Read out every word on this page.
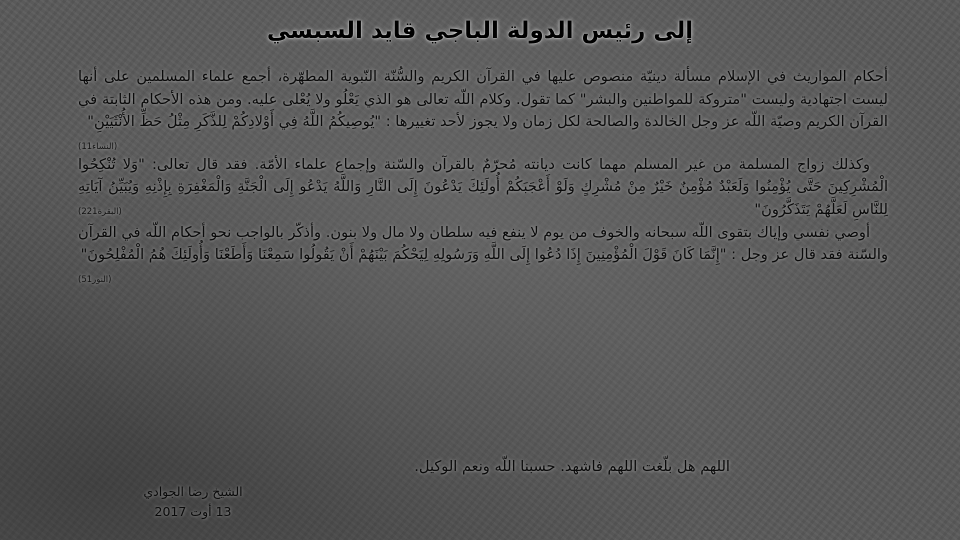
إلى رئيس الدولة الباجي قايد السبسي

أحكام المواريث في الإسلام مسألة دينيّة منصوص عليها في القرآن الكريم والسُّنّة النّبوية المطهّرة، أجمع علماء المسلمين على أنها ليست اجتهادية وليست "متروكة للمواطنين والبشر" كما تقول. وكلام اللّه تعالى هو الذي يَعْلُو ولا يُعْلى عليه. ومن هذه الأحكام الثابتة في القرآن الكريم وصيّة اللّه عز وجل الخالدة والصالحة لكل زمان ولا يجوز لأحد تغييرها : "يُوصِيكُمُ اللَّهُ فِي أَوْلادِكُمْ لِلذَّكَرِ مِثْلُ حَظِّ الأُنْثَيَيْنِ"
(النساء11)

وكذلك زواج المسلمة من غير المسلم مهما كانت ديانته مُحرّمٌ بالقرآن والسّنة وإجماع علماء الأمّة. فقد قال تعالى: "وَلا تُنْكِحُوا الْمُشْرِكِينَ حَتَّى يُؤْمِنُوا وَلَعَبْدٌ مُؤْمِنٌ خَيْرٌ مِنْ مُشْرِكٍ وَلَوْ أَعْجَبَكُمْ أُولَئِكَ يَدْعُونَ إِلَى النَّارِ وَاللَّهُ يَدْعُو إِلَى الْجَنَّةِ وَالْمَغْفِرَةِ بِإِذْنِهِ وَيُبَيِّنُ آيَاتِهِ لِلنَّاسِ لَعَلَّهُمْ يَتَذَكَّرُونَ"
(البقرة221)

أوصي نفسي وإياك بتقوى اللّه سبحانه والخوف من يوم لا ينفع فيه سلطان ولا مال ولا بنون. وأذكّر بالواجب نحو أحكام اللّه في القرآن والسّنة فقد قال عز وجل : "إِنَّمَا كَانَ قَوْلَ الْمُؤْمِنِينَ إِذَا دُعُوا إِلَى اللَّهِ وَرَسُولِهِ لِيَحْكُمَ بَيْنَهُمْ أَنْ يَقُولُوا سَمِعْنَا وَأَطَعْنَا وَأُولَئِكَ هُمُ الْمُفْلِحُونَ"
(النور51)

اللهم هل بلّغت اللهم فاشهد. حسبنا اللّه ونعم الوكيل.
الشيخ رضا الجوادي
13 أوت 2017
